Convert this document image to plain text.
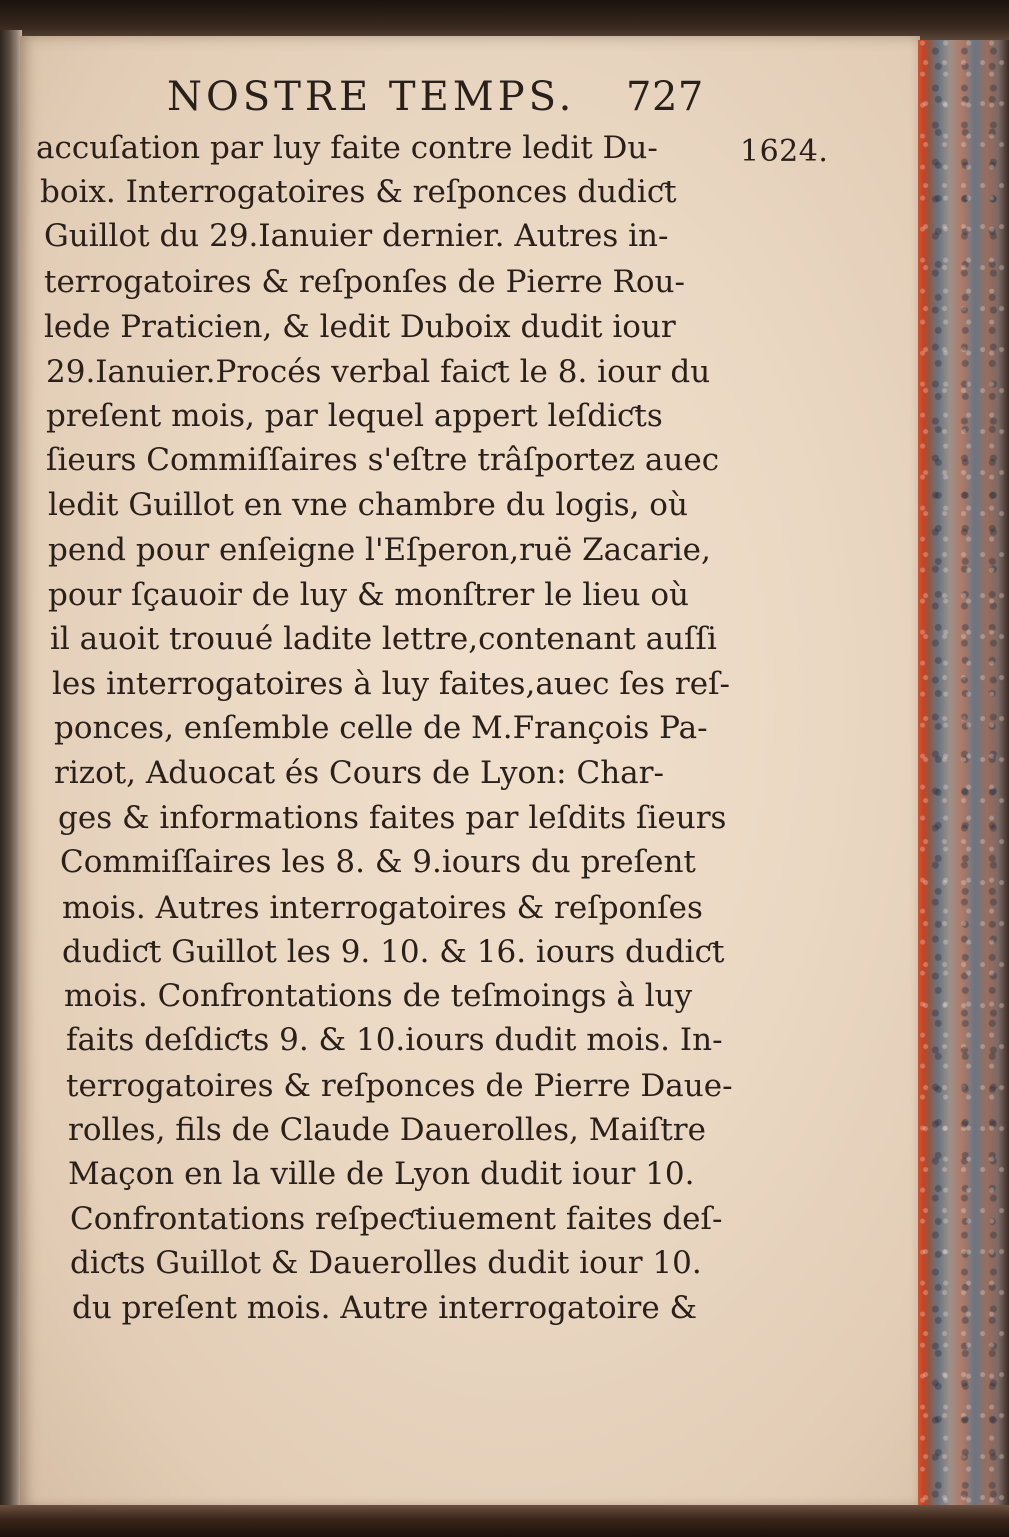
NOSTRE TEMPS. 727
1624.
accuſation par luy faite contre ledit Du-
boix. Interrogatoires & reſponces dudiƈt
Guillot du 29.Ianuier dernier. Autres in-
terrogatoires & reſponſes de Pierre Rou-
lede Praticien, & ledit Duboix dudit iour
29.Ianuier.Procés verbal faiƈt le 8. iour du
preſent mois, par lequel appert leſdiƈts
ſieurs Commiſſaires s'eſtre trâſportez auec
ledit Guillot en vne chambre du logis, où
pend pour enſeigne l'Eſperon,ruë Zacarie,
pour ſçauoir de luy & monſtrer le lieu où
il auoit trouué ladite lettre,contenant auſſi
les interrogatoires à luy faites,auec ſes reſ-
ponces, enſemble celle de M.François Pa-
rizot, Aduocat és Cours de Lyon: Char-
ges & informations faites par leſdits ſieurs
Commiſſaires les 8. & 9.iours du preſent
mois. Autres interrogatoires & reſponſes
dudiƈt Guillot les 9. 10. & 16. iours dudiƈt
mois. Confrontations de teſmoings à luy
faits deſdiƈts 9. & 10.iours dudit mois. In-
terrogatoires & reſponces de Pierre Daue-
rolles, fils de Claude Dauerolles, Maiſtre
Maçon en la ville de Lyon dudit iour 10.
Confrontations reſpeƈtiuement faites deſ-
diƈts Guillot & Dauerolles dudit iour 10.
du preſent mois. Autre interrogatoire &
